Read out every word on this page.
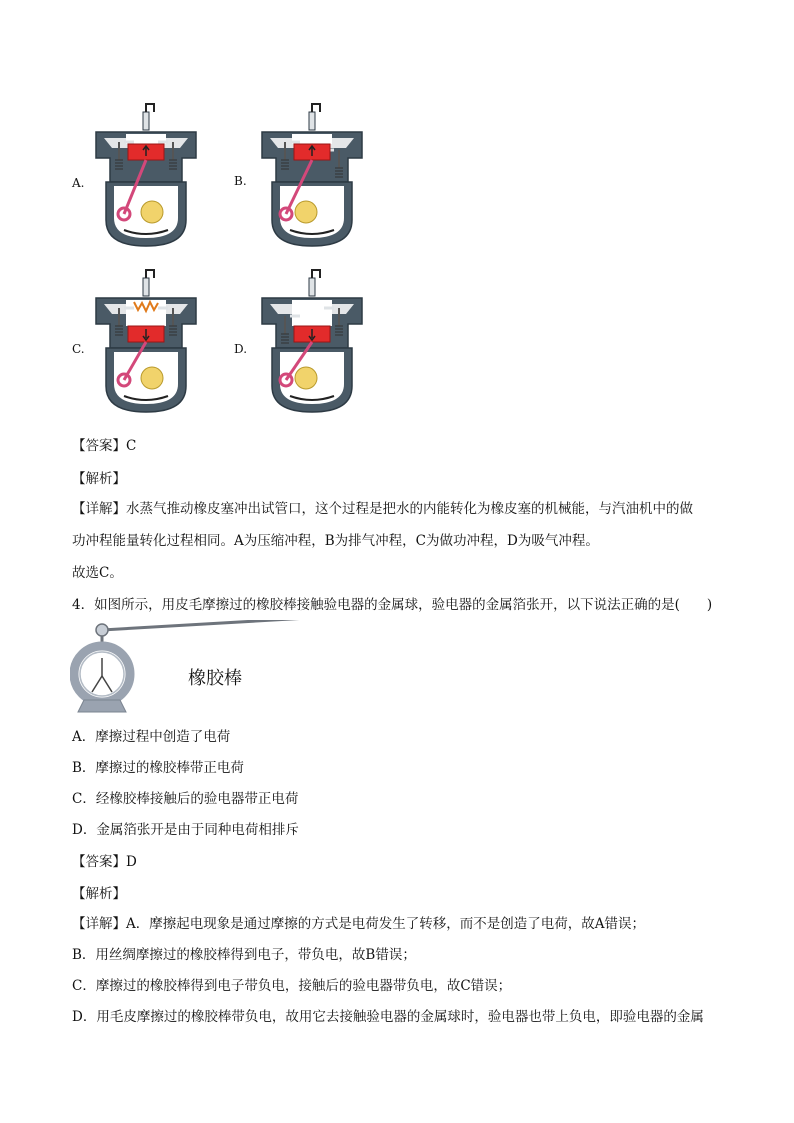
A.	B.
C.	D.
【答案】C
【解析】
【详解】水蒸气推动橡皮塞冲出试管口，这个过程是把水的内能转化为橡皮塞的机械能，与汽油机中的做
功冲程能量转化过程相同。A为压缩冲程，B为排气冲程，C为做功冲程，D为吸气冲程。
故选C。
4．如图所示，用皮毛摩擦过的橡胶棒接触验电器的金属球，验电器的金属箔张开，以下说法正确的是(　　)
橡胶棒
A．摩擦过程中创造了电荷
B．摩擦过的橡胶棒带正电荷
C．经橡胶棒接触后的验电器带正电荷
D．金属箔张开是由于同种电荷相排斥
【答案】D
【解析】
【详解】A．摩擦起电现象是通过摩擦的方式是电荷发生了转移，而不是创造了电荷，故A错误；
B．用丝绸摩擦过的橡胶棒得到电子，带负电，故B错误；
C．摩擦过的橡胶棒得到电子带负电，接触后的验电器带负电，故C错误；
D．用毛皮摩擦过的橡胶棒带负电，故用它去接触验电器的金属球时，验电器也带上负电，即验电器的金属
